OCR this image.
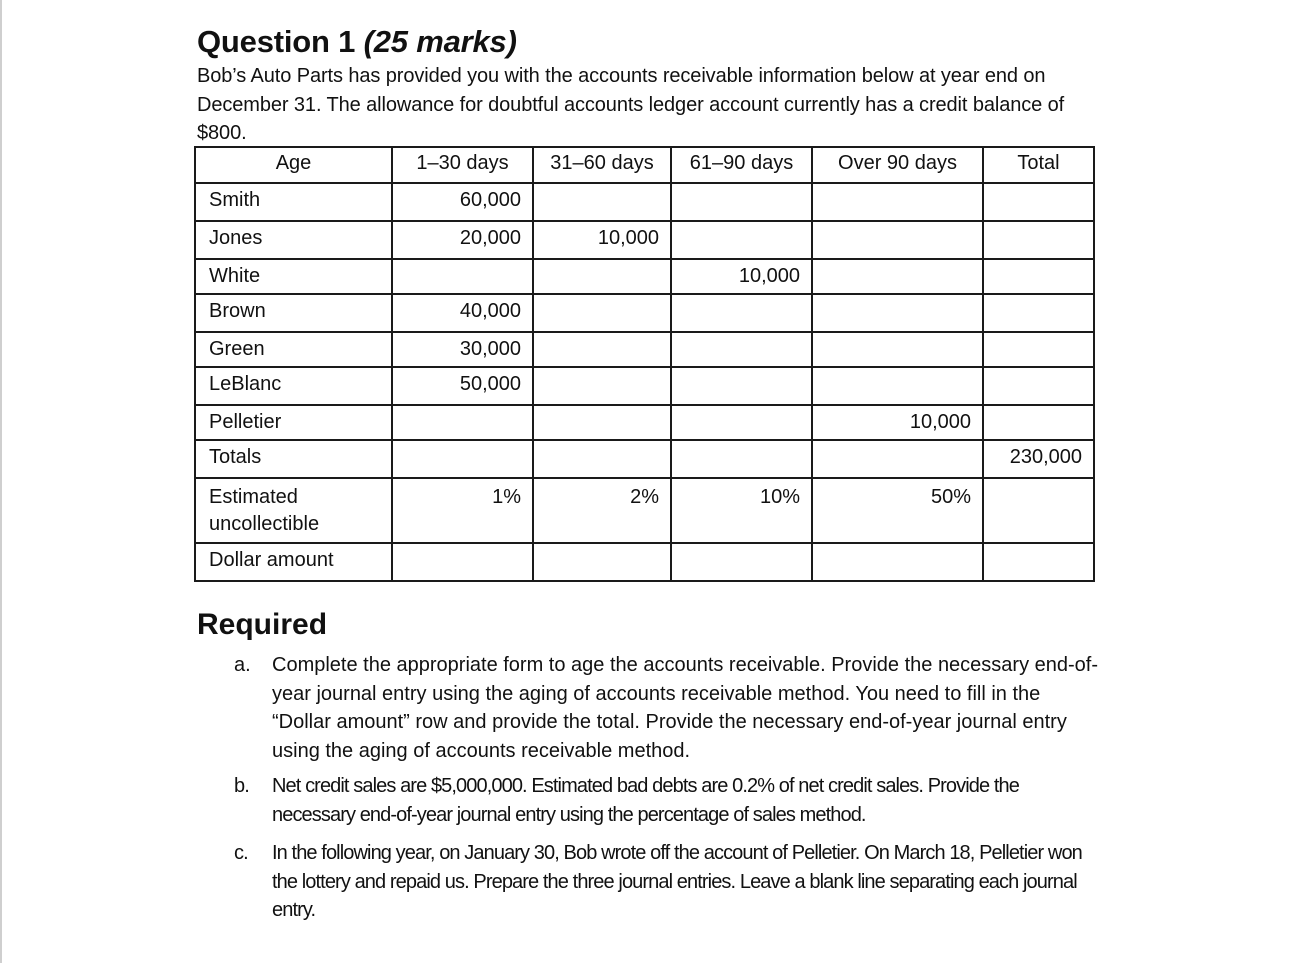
Question 1 (25 marks)
Bob’s Auto Parts has provided you with the accounts receivable information below at year end on December 31. The allowance for doubtful accounts ledger account currently has a credit balance of $800.
Age	1–30 days	31–60 days	61–90 days	Over 90 days	Total
Smith	60,000				
Jones	20,000	10,000			
White			10,000		
Brown	40,000				
Green	30,000				
LeBlanc	50,000				
Pelletier				10,000	
Totals					230,000
Estimated uncollectible	1%	2%	10%	50%	
Dollar amount					
Required
a.	Complete the appropriate form to age the accounts receivable. Provide the necessary end-of-year journal entry using the aging of accounts receivable method. You need to fill in the “Dollar amount” row and provide the total. Provide the necessary end-of-year journal entry using the aging of accounts receivable method.
b.	Net credit sales are $5,000,000. Estimated bad debts are 0.2% of net credit sales. Provide the necessary end-of-year journal entry using the percentage of sales method.
c.	In the following year, on January 30, Bob wrote off the account of Pelletier. On March 18, Pelletier won the lottery and repaid us. Prepare the three journal entries. Leave a blank line separating each journal entry.
